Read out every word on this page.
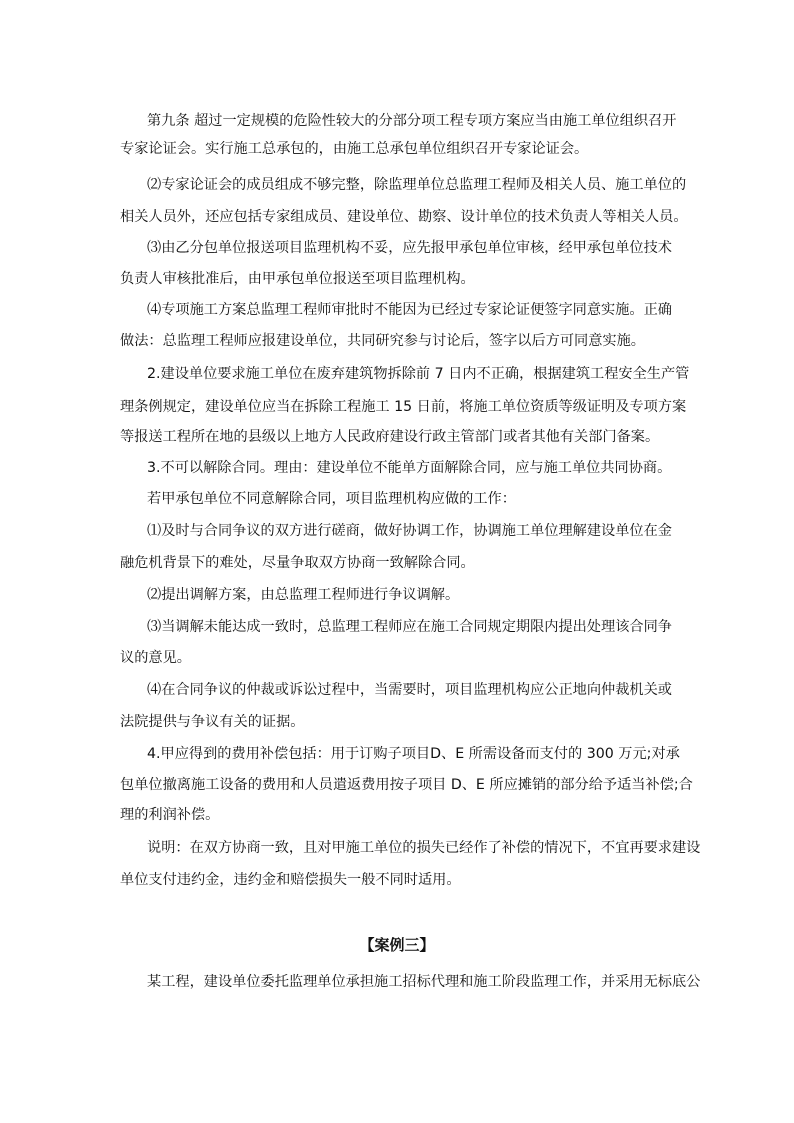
第九条 超过一定规模的危险性较大的分部分项工程专项方案应当由施工单位组织召开
专家论证会。实行施工总承包的，由施工总承包单位组织召开专家论证会。
⑵专家论证会的成员组成不够完整，除监理单位总监理工程师及相关人员、施工单位的
相关人员外，还应包括专家组成员、建设单位、勘察、设计单位的技术负责人等相关人员。
⑶由乙分包单位报送项目监理机构不妥，应先报甲承包单位审核，经甲承包单位技术
负责人审核批准后，由甲承包单位报送至项目监理机构。
⑷专项施工方案总监理工程师审批时不能因为已经过专家论证便签字同意实施。正确
做法：总监理工程师应报建设单位，共同研究参与讨论后，签字以后方可同意实施。
2.建设单位要求施工单位在废弃建筑物拆除前 7 日内不正确，根据建筑工程安全生产管
理条例规定，建设单位应当在拆除工程施工 15 日前，将施工单位资质等级证明及专项方案
等报送工程所在地的县级以上地方人民政府建设行政主管部门或者其他有关部门备案。
3.不可以解除合同。理由：建设单位不能单方面解除合同，应与施工单位共同协商。
若甲承包单位不同意解除合同，项目监理机构应做的工作：
⑴及时与合同争议的双方进行磋商，做好协调工作，协调施工单位理解建设单位在金
融危机背景下的难处，尽量争取双方协商一致解除合同。
⑵提出调解方案，由总监理工程师进行争议调解。
⑶当调解未能达成一致时，总监理工程师应在施工合同规定期限内提出处理该合同争
议的意见。
⑷在合同争议的仲裁或诉讼过程中，当需要时，项目监理机构应公正地向仲裁机关或
法院提供与争议有关的证据。
4.甲应得到的费用补偿包括：用于订购子项目D、E 所需设备而支付的 300 万元;对承
包单位撤离施工设备的费用和人员遣返费用按子项目 D、E 所应摊销的部分给予适当补偿;合
理的利润补偿。
说明：在双方协商一致，且对甲施工单位的损失已经作了补偿的情况下，不宜再要求建设
单位支付违约金，违约金和赔偿损失一般不同时适用。
【案例三】
某工程，建设单位委托监理单位承担施工招标代理和施工阶段监理工作，并采用无标底公
